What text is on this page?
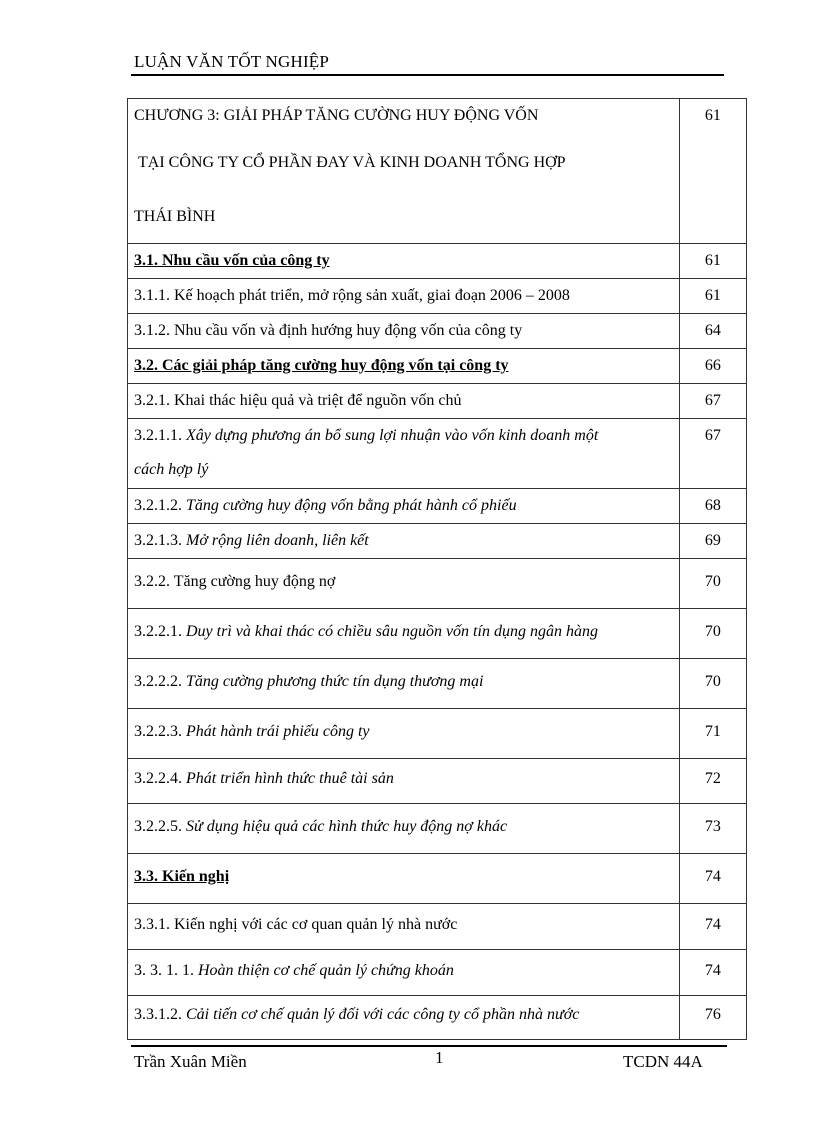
LUẬN VĂN TỐT NGHIỆP
CHƯƠNG 3: GIẢI PHÁP TĂNG CƯỜNG HUY ĐỘNG VỐN
TẠI CÔNG TY CỔ PHẦN ĐAY VÀ KINH DOANH TỔNG HỢP
THÁI BÌNH	61
3.1. Nhu cầu vốn của công ty	61
3.1.1. Kế hoạch phát triển, mở rộng sản xuất, giai đoạn 2006 – 2008	61
3.1.2. Nhu cầu vốn và định hướng huy động vốn của công ty	64
3.2. Các giải pháp tăng cường huy động vốn tại công ty	66
3.2.1. Khai thác hiệu quả và triệt để nguồn vốn chủ	67
3.2.1.1. Xây dựng phương án bổ sung lợi nhuận vào vốn kinh doanh một
cách hợp lý	67
3.2.1.2. Tăng cường huy động vốn bằng phát hành cổ phiếu	68
3.2.1.3. Mở rộng liên doanh, liên kết	69
3.2.2. Tăng cường huy động nợ	70
3.2.2.1. Duy trì và khai thác có chiều sâu nguồn vốn tín dụng ngân hàng	70
3.2.2.2. Tăng cường phương thức tín dụng thương mại	70
3.2.2.3. Phát hành trái phiếu công ty	71
3.2.2.4. Phát triển hình thức thuê tài sản	72
3.2.2.5. Sử dụng hiệu quả các hình thức huy động nợ khác	73
3.3. Kiến nghị	74
3.3.1. Kiến nghị với các cơ quan quản lý nhà nước	74
3. 3. 1. 1. Hoàn thiện cơ chế quản lý chứng khoán	74
3.3.1.2. Cải tiến cơ chế quản lý đối với các công ty cổ phần nhà nước	76
Trần Xuân Miền	1	TCDN 44A
